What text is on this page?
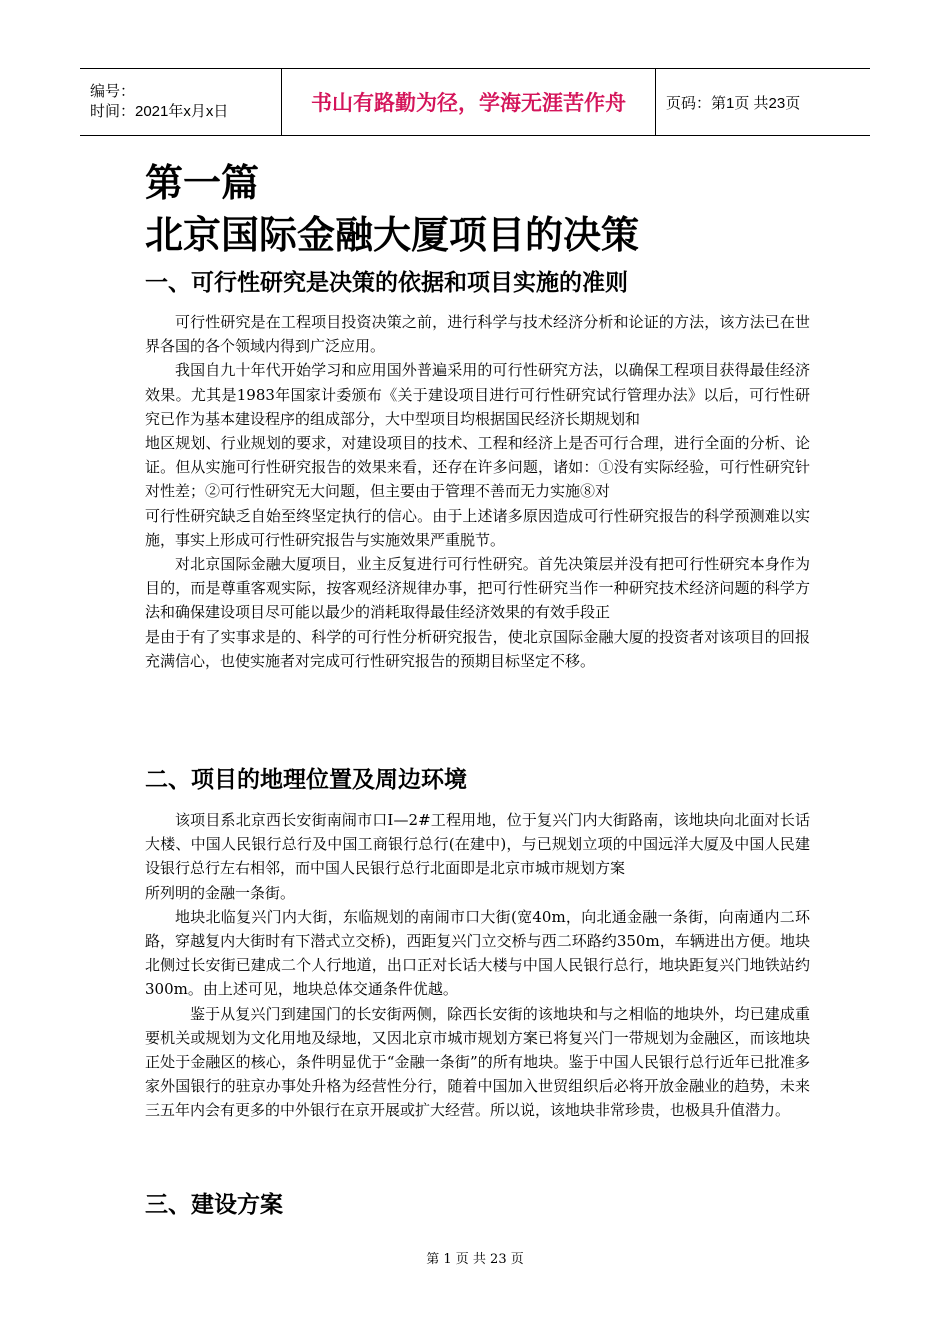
编号：
时间：2021年x月x日	书山有路勤为径，学海无涯苦作舟	页码：第1页 共23页
第一篇
北京国际金融大厦项目的决策
一、可行性研究是决策的依据和项目实施的准则

可行性研究是在工程项目投资决策之前，进行科学与技术经济分析和论证的方法，该方法已在世界各国的各个领域内得到广泛应用。

我国自九十年代开始学习和应用国外普遍采用的可行性研究方法，以确保工程项目获得最佳经济效果。尤其是1983年国家计委颁布《关于建设项目进行可行性研究试行管理办法》以后，可行性研究已作为基本建设程序的组成部分，大中型项目均根据国民经济长期规划和

地区规划、行业规划的要求，对建设项目的技术、工程和经济上是否可行合理，进行全面的分析、论证。但从实施可行性研究报告的效果来看，还存在许多问题，诸如：①没有实际经验，可行性研究针对性差；②可行性研究无大问题，但主要由于管理不善而无力实施⑧对

可行性研究缺乏自始至终坚定执行的信心。由于上述诸多原因造成可行性研究报告的科学预测难以实施，事实上形成可行性研究报告与实施效果严重脱节。

对北京国际金融大厦项目，业主反复进行可行性研究。首先决策层并没有把可行性研究本身作为目的，而是尊重客观实际，按客观经济规律办事，把可行性研究当作一种研究技术经济问题的科学方法和确保建设项目尽可能以最少的消耗取得最佳经济效果的有效手段正

是由于有了实事求是的、科学的可行性分析研究报告，使北京国际金融大厦的投资者对该项目的回报充满信心，也使实施者对完成可行性研究报告的预期目标坚定不移。

二、项目的地理位置及周边环境

该项目系北京西长安街南闹市口Ⅰ—2#工程用地，位于复兴门内大街路南，该地块向北面对长话大楼、中国人民银行总行及中国工商银行总行(在建中)，与已规划立项的中国远洋大厦及中国人民建设银行总行左右相邻，而中国人民银行总行北面即是北京市城市规划方案

所列明的金融一条街。

地块北临复兴门内大街，东临规划的南闹市口大街(宽40m，向北通金融一条街，向南通内二环路，穿越复内大街时有下潜式立交桥)，西距复兴门立交桥与西二环路约350m，车辆进出方便。地块北侧过长安街已建成二个人行地道，出口正对长话大楼与中国人民银行总行，地块距复兴门地铁站约300m。由上述可见，地块总体交通条件优越。

鉴于从复兴门到建国门的长安街两侧，除西长安街的该地块和与之相临的地块外，均已建成重要机关或规划为文化用地及绿地，又因北京市城市规划方案已将复兴门一带规划为金融区，而该地块正处于金融区的核心，条件明显优于“金融一条街”的所有地块。鉴于中国人民银行总行近年已批准多家外国银行的驻京办事处升格为经营性分行，随着中国加入世贸组织后必将开放金融业的趋势，未来三五年内会有更多的中外银行在京开展或扩大经营。所以说，该地块非常珍贵，也极具升值潜力。

三、建设方案
第 1 页 共 23 页
